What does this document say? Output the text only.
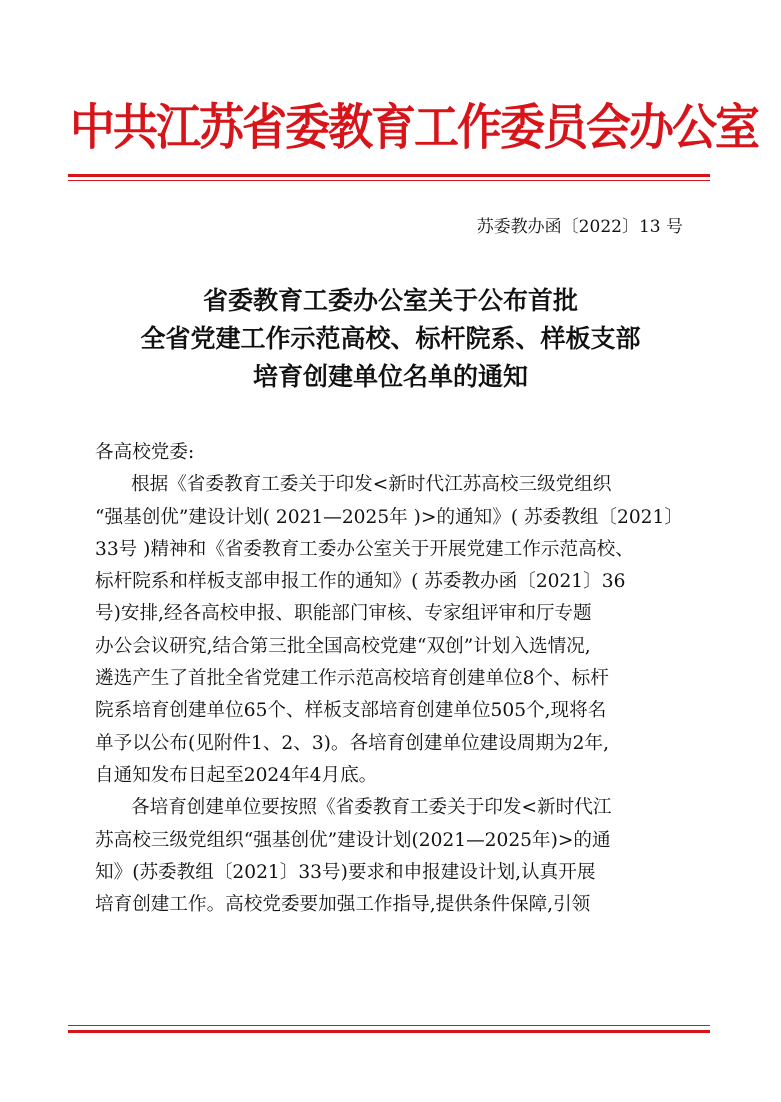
中共江苏省委教育工作委员会办公室
苏委教办函〔2022〕13 号
省委教育工委办公室关于公布首批
全省党建工作示范高校、标杆院系、样板支部
培育创建单位名单的通知
各高校党委:
根据《省委教育工委关于印发<新时代江苏高校三级党组织
“强基创优”建设计划( 2021—2025年 )>的通知》( 苏委教组〔2021〕
33号 )精神和《省委教育工委办公室关于开展党建工作示范高校、
标杆院系和样板支部申报工作的通知》( 苏委教办函〔2021〕36
号)安排,经各高校申报、职能部门审核、专家组评审和厅专题
办公会议研究,结合第三批全国高校党建“双创”计划入选情况,
遴选产生了首批全省党建工作示范高校培育创建单位8个、标杆
院系培育创建单位65个、样板支部培育创建单位505个,现将名
单予以公布(见附件1、2、3)。各培育创建单位建设周期为2年,
自通知发布日起至2024年4月底。
各培育创建单位要按照《省委教育工委关于印发<新时代江
苏高校三级党组织“强基创优”建设计划(2021—2025年)>的通
知》(苏委教组〔2021〕33号)要求和申报建设计划,认真开展
培育创建工作。高校党委要加强工作指导,提供条件保障,引领
